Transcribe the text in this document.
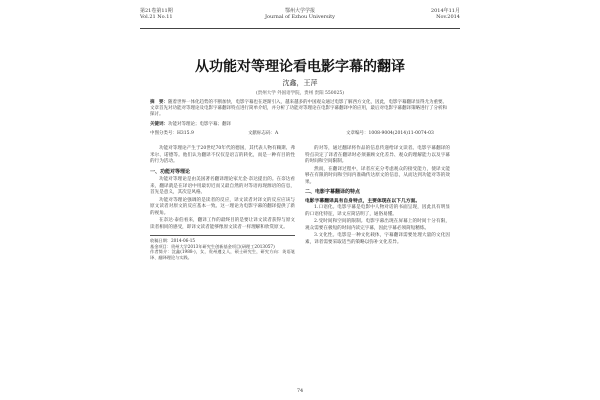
第21卷第11期
Vol.21 No.11
鄂州大学学报
Journal of Ezhou University
2014年11月
Nov.2014
从功能对等理论看电影字幕的翻译
沈鑫，王萍
(贵州大学 外国语学院，贵州 贵阳 550025)
摘　要：随着世界一体化趋势的不断加快，电影字幕也在逐渐引入，越来越多的中国观众通过电影了解西方文化，因此，电影字幕翻译显得尤为重要。文章首先对功能对等理论及电影字幕翻译特点进行简单介绍，并分析了功能对等理论在电影字幕翻译中的应用，最后对电影字幕翻译策略进行了分析和探讨。
关键词：功能对等理论；电影字幕；翻译
中图分类号：H315.9	文献标志码：A	文章编号：1008-9004(2014)11-0074-03
功能对等理论产生于20世纪70年代的德国，其代表人物有赖斯、弗米尔、诺德等。他们认为翻译不仅仅是语言的转化，而是一种有目的性的行为活动。
一、功能对等理论
功能对等理论是由美国著名翻译理论家尤金·奈达提出的。在奈达看来，翻译就是在译语中用最切近而又最自然的对等语再现源语的信息，首先是意义，其次是风格。
功能对等理论强调的是读者的反应，译文读者对译文的反应应该与原文读者对原文的反应基本一致。这一理论为电影字幕的翻译提供了新的视角。
在奈达·泰伯看来，翻译工作的最终目的是要让译文读者获得与原文读者相同的感受，即译文读者能够像原文读者一样理解和欣赏原文。
收稿日期：2014-06-15
基金项目：贵州大学2013年研究生创新基金项目(研理工2013057)
作者简介：沈鑫(1988-)，女，贵州遵义人，硕士研究生，研究方向：英语笔译、翻译理论与实践。
的对等，通过翻译将作品的信息传递给译文读者。电影字幕翻译的特点决定了译者在翻译时必须兼顾文化差异、观众的理解能力以及字幕的时间和空间限制。
然而，在翻译过程中，译者应充分考虑观众的接受能力，使译文能够在有限的时间和空间内准确传达原文的信息，从而达到功能对等的效果。
二、电影字幕翻译的特点
电影字幕翻译具有自身特点，主要体现在以下几方面。
1.口语化。电影字幕是电影中人物对话的书面呈现，因此具有明显的口语化特征，译文应简洁明了，通俗易懂。
2.受时间和空间的限制。电影字幕出现在屏幕上的时间十分有限，观众需要在极短的时间内读完字幕，因此字幕必须简短精炼。
3.文化性。电影是一种文化载体，字幕翻译需要处理大量的文化因素，译者需要采取适当的策略以弥补文化差异。
74
